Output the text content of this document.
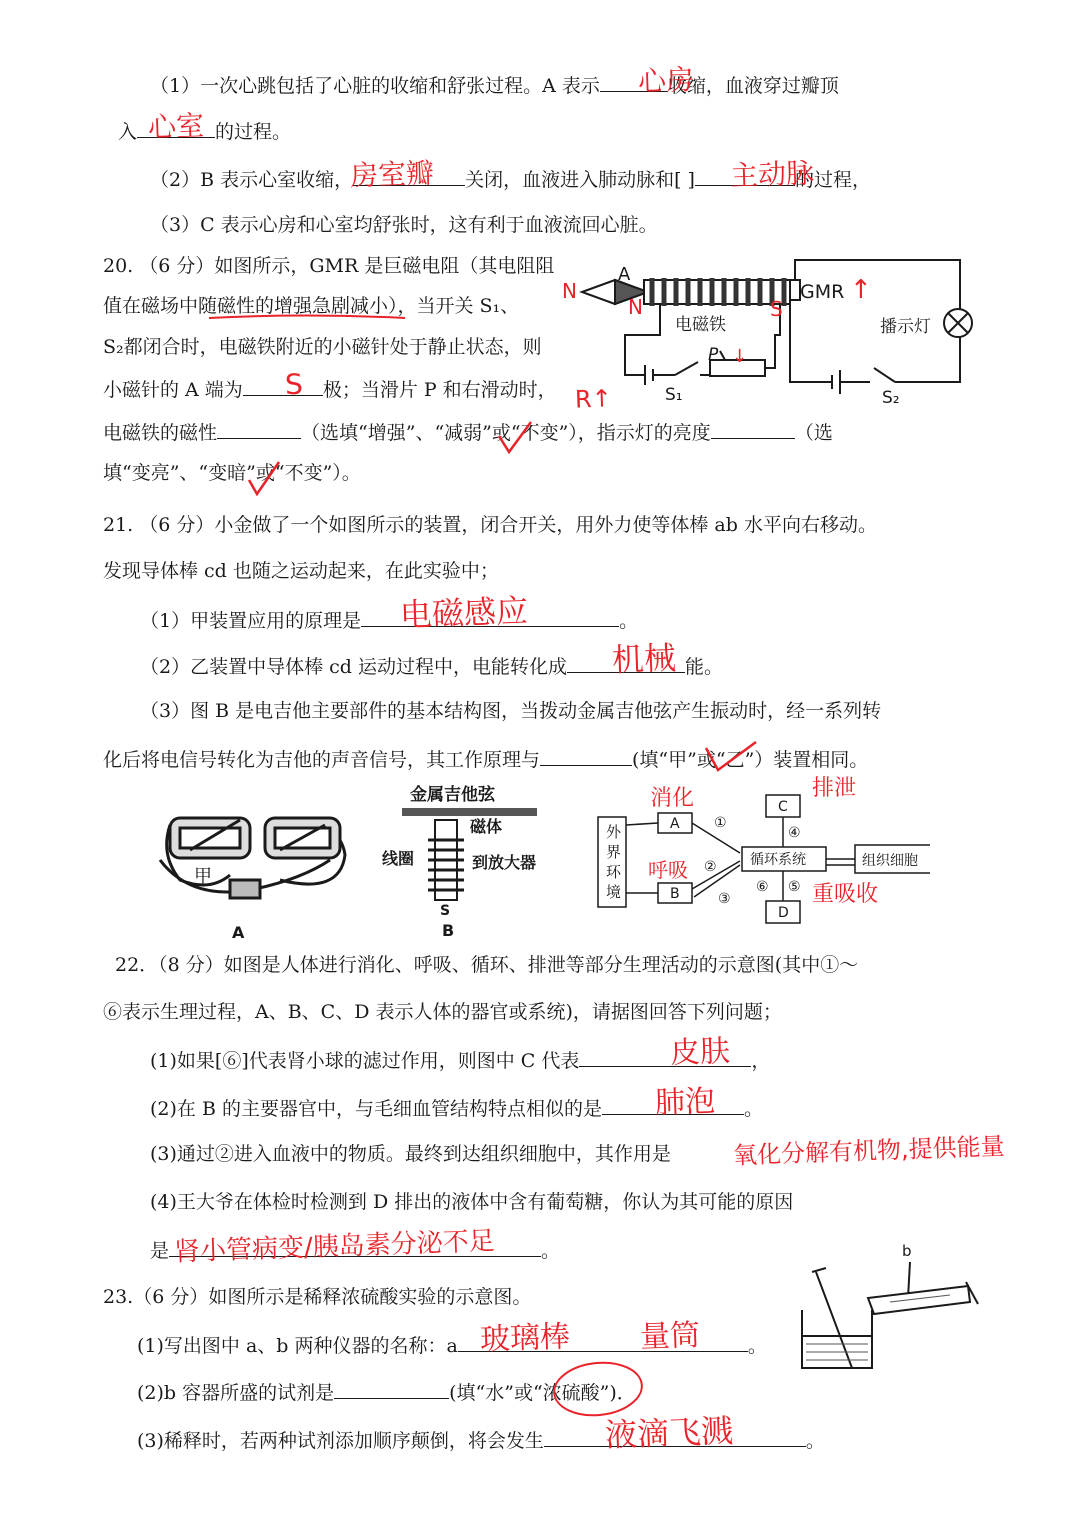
（1）一次心跳包括了心脏的收缩和舒张过程。A 表示	收缩，血液穿过瓣顶
心房
入	的过程。
心室
（2）B 表示心室收缩，	关闭，血液进入肺动脉和[ ]	的过程，
房室瓣	主动脉
（3）C 表示心房和心室均舒张时，这有利于血液流回心脏。
20. （6 分）如图所示，GMR 是巨磁电阻（其电阻阻
值在磁场中随磁性的增强急剧减小），当开关 S₁、
S₂都闭合时，电磁铁附近的小磁针处于静止状态，则
小磁针的 A 端为	极；当滑片 P 和右滑动时，
S	R↑
电磁铁的磁性	（选填“增强”、“减弱”或“不变”），指示灯的亮度	（选
填“变亮”、“变暗”或“不变”）。
A
GMR
电磁铁	播示灯
P
S₁	S₂
N
N	S
↓
↑
21. （6 分）小金做了一个如图所示的装置，闭合开关，用外力使等体棒 ab 水平向右移动。
发现导体棒 cd 也随之运动起来，在此实验中；
（1）甲装置应用的原理是	。
电磁感应
（2）乙装置中导体棒 cd 运动过程中，电能转化成	能。
机械
（3）图 B 是电吉他主要部件的基本结构图，当拨动金属吉他弦产生振动时，经一系列转
化后将电信号转化为吉他的声音信号，其工作原理与	(填“甲”或“乙”）装置相同。
甲
A
金属吉他弦
磁体
线圈	到放大器
S
B
外
界
环
境
A
B
C
D
循环系统	组织细胞
①
②
③
④
⑤
⑥
消化	排泄
呼吸
重吸收
22．（8 分）如图是人体进行消化、呼吸、循环、排泄等部分生理活动的示意图(其中①～
⑥表示生理过程，A、B、C、D 表示人体的器官或系统)，请据图回答下列问题；
(1)如果[⑥]代表肾小球的滤过作用，则图中 C 代表	，
皮肤
(2)在 B 的主要器官中，与毛细血管结构特点相似的是	。
肺泡
(3)通过②进入血液中的物质。最终到达组织细胞中，其作用是	氧化分解有机物,提供能量
(4)王大爷在体检时检测到 D 排出的液体中含有葡萄糖，你认为其可能的原因
是	。
肾小管病变/胰岛素分泌不足
23.（6 分）如图所示是稀释浓硫酸实验的示意图。
(1)写出图中 a、b 两种仪器的名称：a	。
玻璃棒 量筒
(2)b 容器所盛的试剂是	(填“水”或“浓硫酸”)．
(3)稀释时，若两种试剂添加顺序颠倒，将会发生	。
液滴飞溅
b
